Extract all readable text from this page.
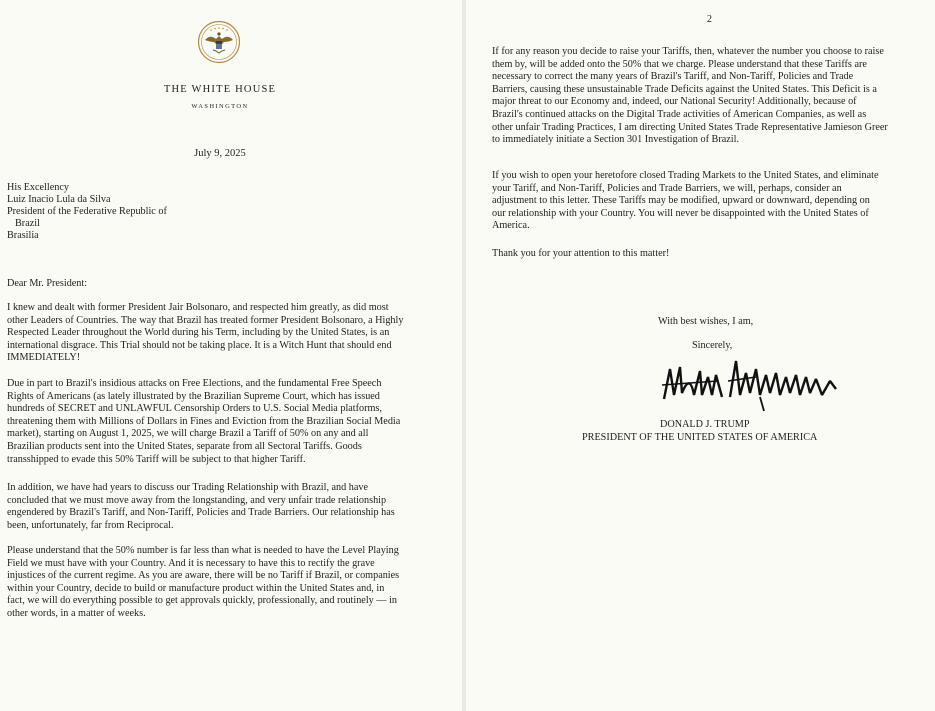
THE WHITE HOUSE
WASHINGTON
July 9, 2025
His Excellency
Luiz Inacio Lula da Silva
President of the Federative Republic of
Brazil
Brasilia
Dear Mr. President:
I knew and dealt with former President Jair Bolsonaro, and respected him greatly, as did most
other Leaders of Countries. The way that Brazil has treated former President Bolsonaro, a Highly
Respected Leader throughout the World during his Term, including by the United States, is an
international disgrace. This Trial should not be taking place. It is a Witch Hunt that should end
IMMEDIATELY!
Due in part to Brazil's insidious attacks on Free Elections, and the fundamental Free Speech
Rights of Americans (as lately illustrated by the Brazilian Supreme Court, which has issued
hundreds of SECRET and UNLAWFUL Censorship Orders to U.S. Social Media platforms,
threatening them with Millions of Dollars in Fines and Eviction from the Brazilian Social Media
market), starting on August 1, 2025, we will charge Brazil a Tariff of 50% on any and all
Brazilian products sent into the United States, separate from all Sectoral Tariffs. Goods
transshipped to evade this 50% Tariff will be subject to that higher Tariff.
In addition, we have had years to discuss our Trading Relationship with Brazil, and have
concluded that we must move away from the longstanding, and very unfair trade relationship
engendered by Brazil's Tariff, and Non-Tariff, Policies and Trade Barriers. Our relationship has
been, unfortunately, far from Reciprocal.
Please understand that the 50% number is far less than what is needed to have the Level Playing
Field we must have with your Country. And it is necessary to have this to rectify the grave
injustices of the current regime. As you are aware, there will be no Tariff if Brazil, or companies
within your Country, decide to build or manufacture product within the United States and, in
fact, we will do everything possible to get approvals quickly, professionally, and routinely — in
other words, in a matter of weeks.
2
If for any reason you decide to raise your Tariffs, then, whatever the number you choose to raise
them by, will be added onto the 50% that we charge. Please understand that these Tariffs are
necessary to correct the many years of Brazil's Tariff, and Non-Tariff, Policies and Trade
Barriers, causing these unsustainable Trade Deficits against the United States. This Deficit is a
major threat to our Economy and, indeed, our National Security! Additionally, because of
Brazil's continued attacks on the Digital Trade activities of American Companies, as well as
other unfair Trading Practices, I am directing United States Trade Representative Jamieson Greer
to immediately initiate a Section 301 Investigation of Brazil.
If you wish to open your heretofore closed Trading Markets to the United States, and eliminate
your Tariff, and Non-Tariff, Policies and Trade Barriers, we will, perhaps, consider an
adjustment to this letter. These Tariffs may be modified, upward or downward, depending on
our relationship with your Country. You will never be disappointed with the United States of
America.
Thank you for your attention to this matter!
With best wishes, I am,
Sincerely,
DONALD J. TRUMP
PRESIDENT OF THE UNITED STATES OF AMERICA
